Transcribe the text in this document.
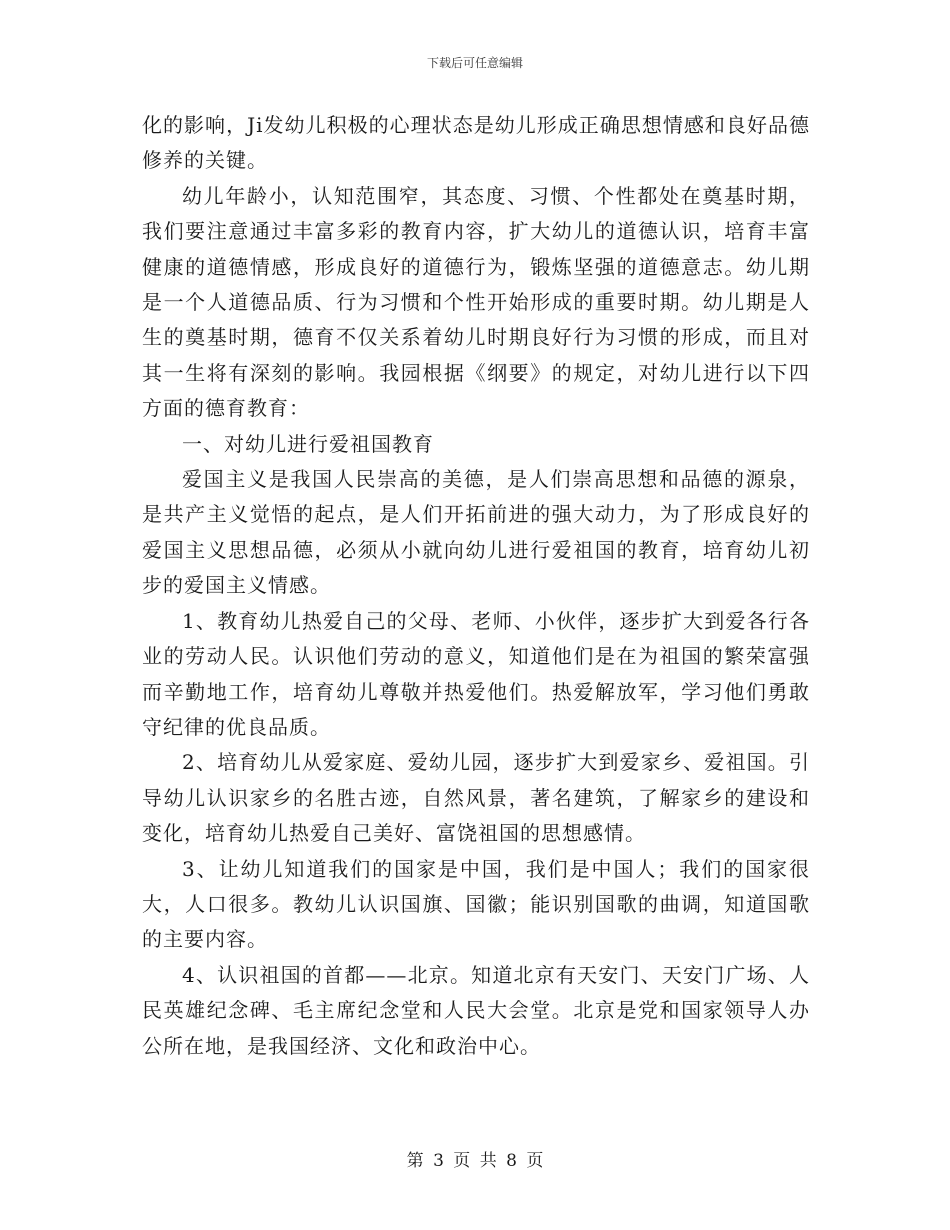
下载后可任意编辑

化的影响，Ji发幼儿积极的心理状态是幼儿形成正确思想情感和良好品德修养的关键。

幼儿年龄小，认知范围窄，其态度、习惯、个性都处在奠基时期，我们要注意通过丰富多彩的教育内容，扩大幼儿的道德认识，培育丰富健康的道德情感，形成良好的道德行为，锻炼坚强的道德意志。幼儿期是一个人道德品质、行为习惯和个性开始形成的重要时期。幼儿期是人生的奠基时期，德育不仅关系着幼儿时期良好行为习惯的形成，而且对其一生将有深刻的影响。我园根据《纲要》的规定，对幼儿进行以下四方面的德育教育：

一、对幼儿进行爱祖国教育

爱国主义是我国人民崇高的美德，是人们崇高思想和品德的源泉，是共产主义觉悟的起点，是人们开拓前进的强大动力，为了形成良好的爱国主义思想品德，必须从小就向幼儿进行爱祖国的教育，培育幼儿初步的爱国主义情感。

1、教育幼儿热爱自己的父母、老师、小伙伴，逐步扩大到爱各行各业的劳动人民。认识他们劳动的意义，知道他们是在为祖国的繁荣富强而辛勤地工作，培育幼儿尊敬并热爱他们。热爱解放军，学习他们勇敢守纪律的优良品质。

2、培育幼儿从爱家庭、爱幼儿园，逐步扩大到爱家乡、爱祖国。引导幼儿认识家乡的名胜古迹，自然风景，著名建筑，了解家乡的建设和变化，培育幼儿热爱自己美好、富饶祖国的思想感情。

3、让幼儿知道我们的国家是中国，我们是中国人；我们的国家很大，人口很多。教幼儿认识国旗、国徽；能识别国歌的曲调，知道国歌的主要内容。

4、认识祖国的首都——北京。知道北京有天安门、天安门广场、人民英雄纪念碑、毛主席纪念堂和人民大会堂。北京是党和国家领导人办公所在地，是我国经济、文化和政治中心。

第 3 页 共 8 页
